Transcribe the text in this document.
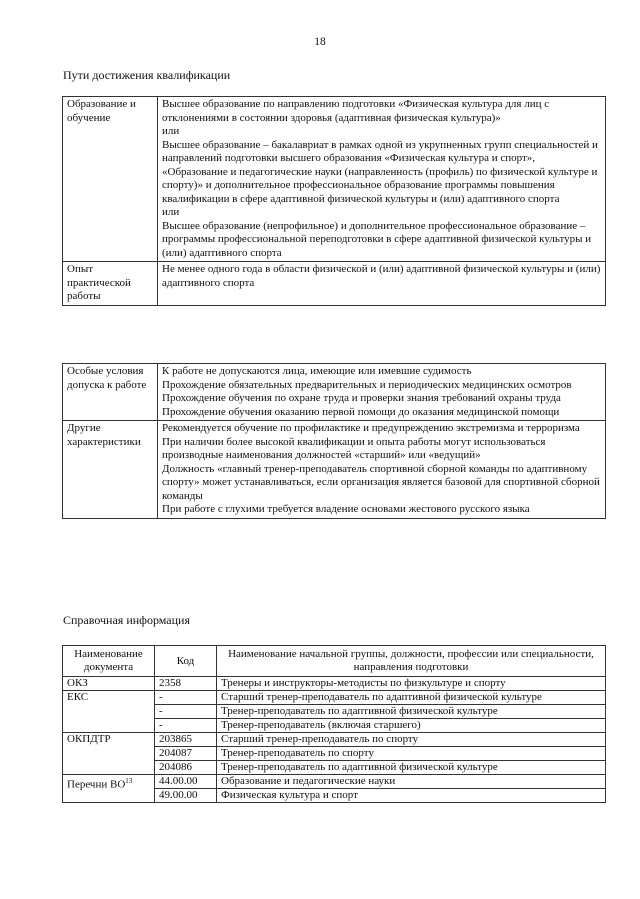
18
Пути достижения квалификации
Образование и обучение	Высшее образование по направлению подготовки «Физическая культура для лиц с отклонениями в состоянии здоровья (адаптивная физическая культура)»
или
Высшее образование – бакалавриат в рамках одной из укрупненных групп специальностей и направлений подготовки высшего образования «Физическая культура и спорт», «Образование и педагогические науки (направленность (профиль) по физической культуре и спорту)» и дополнительное профессиональное образование программы повышения квалификации в сфере адаптивной физической культуры и (или) адаптивного спорта
или
Высшее образование (непрофильное) и дополнительное профессиональное образование –программы профессиональной переподготовки в сфере адаптивной физической культуры и (или) адаптивного спорта

Опыт практической работы	Не менее одного года в области физической и (или) адаптивной физической культуры и (или) адаптивного спорта
Особые условия допуска к работе	К работе не допускаются лица, имеющие или имевшие судимость
Прохождение обязательных предварительных и периодических медицинских осмотров
Прохождение обучения по охране труда и проверки знания требований охраны труда
Прохождение обучения оказанию первой помощи до оказания медицинской помощи

Другие характеристики	Рекомендуется обучение по профилактике и предупреждению экстремизма и терроризма
При наличии более высокой квалификации и опыта работы могут использоваться производные наименования должностей «старший» или «ведущий»
Должность «главный тренер-преподаватель спортивной сборной команды по адаптивному спорту» может устанавливаться, если организация является базовой для спортивной сборной команды
При работе с глухими требуется владение основами жестового русского языка
Справочная информация
Наименование документа	Код	Наименование начальной группы, должности, профессии или специальности, направления подготовки
ОКЗ	2358	Тренеры и инструкторы-методисты по физкультуре и спорту
ЕКС	-	Старший тренер-преподаватель по адаптивной физической культуре
	-	Тренер-преподаватель по адаптивной физической культуре
	-	Тренер-преподаватель (включая старшего)
ОКПДТР	203865	Старший тренер-преподаватель по спорту
	204087	Тренер-преподаватель по спорту
	204086	Тренер-преподаватель по адаптивной физической культуре
Перечни ВО$^{13}$	44.00.00	Образование и педагогические науки
	49.00.00	Физическая культура и спорт
